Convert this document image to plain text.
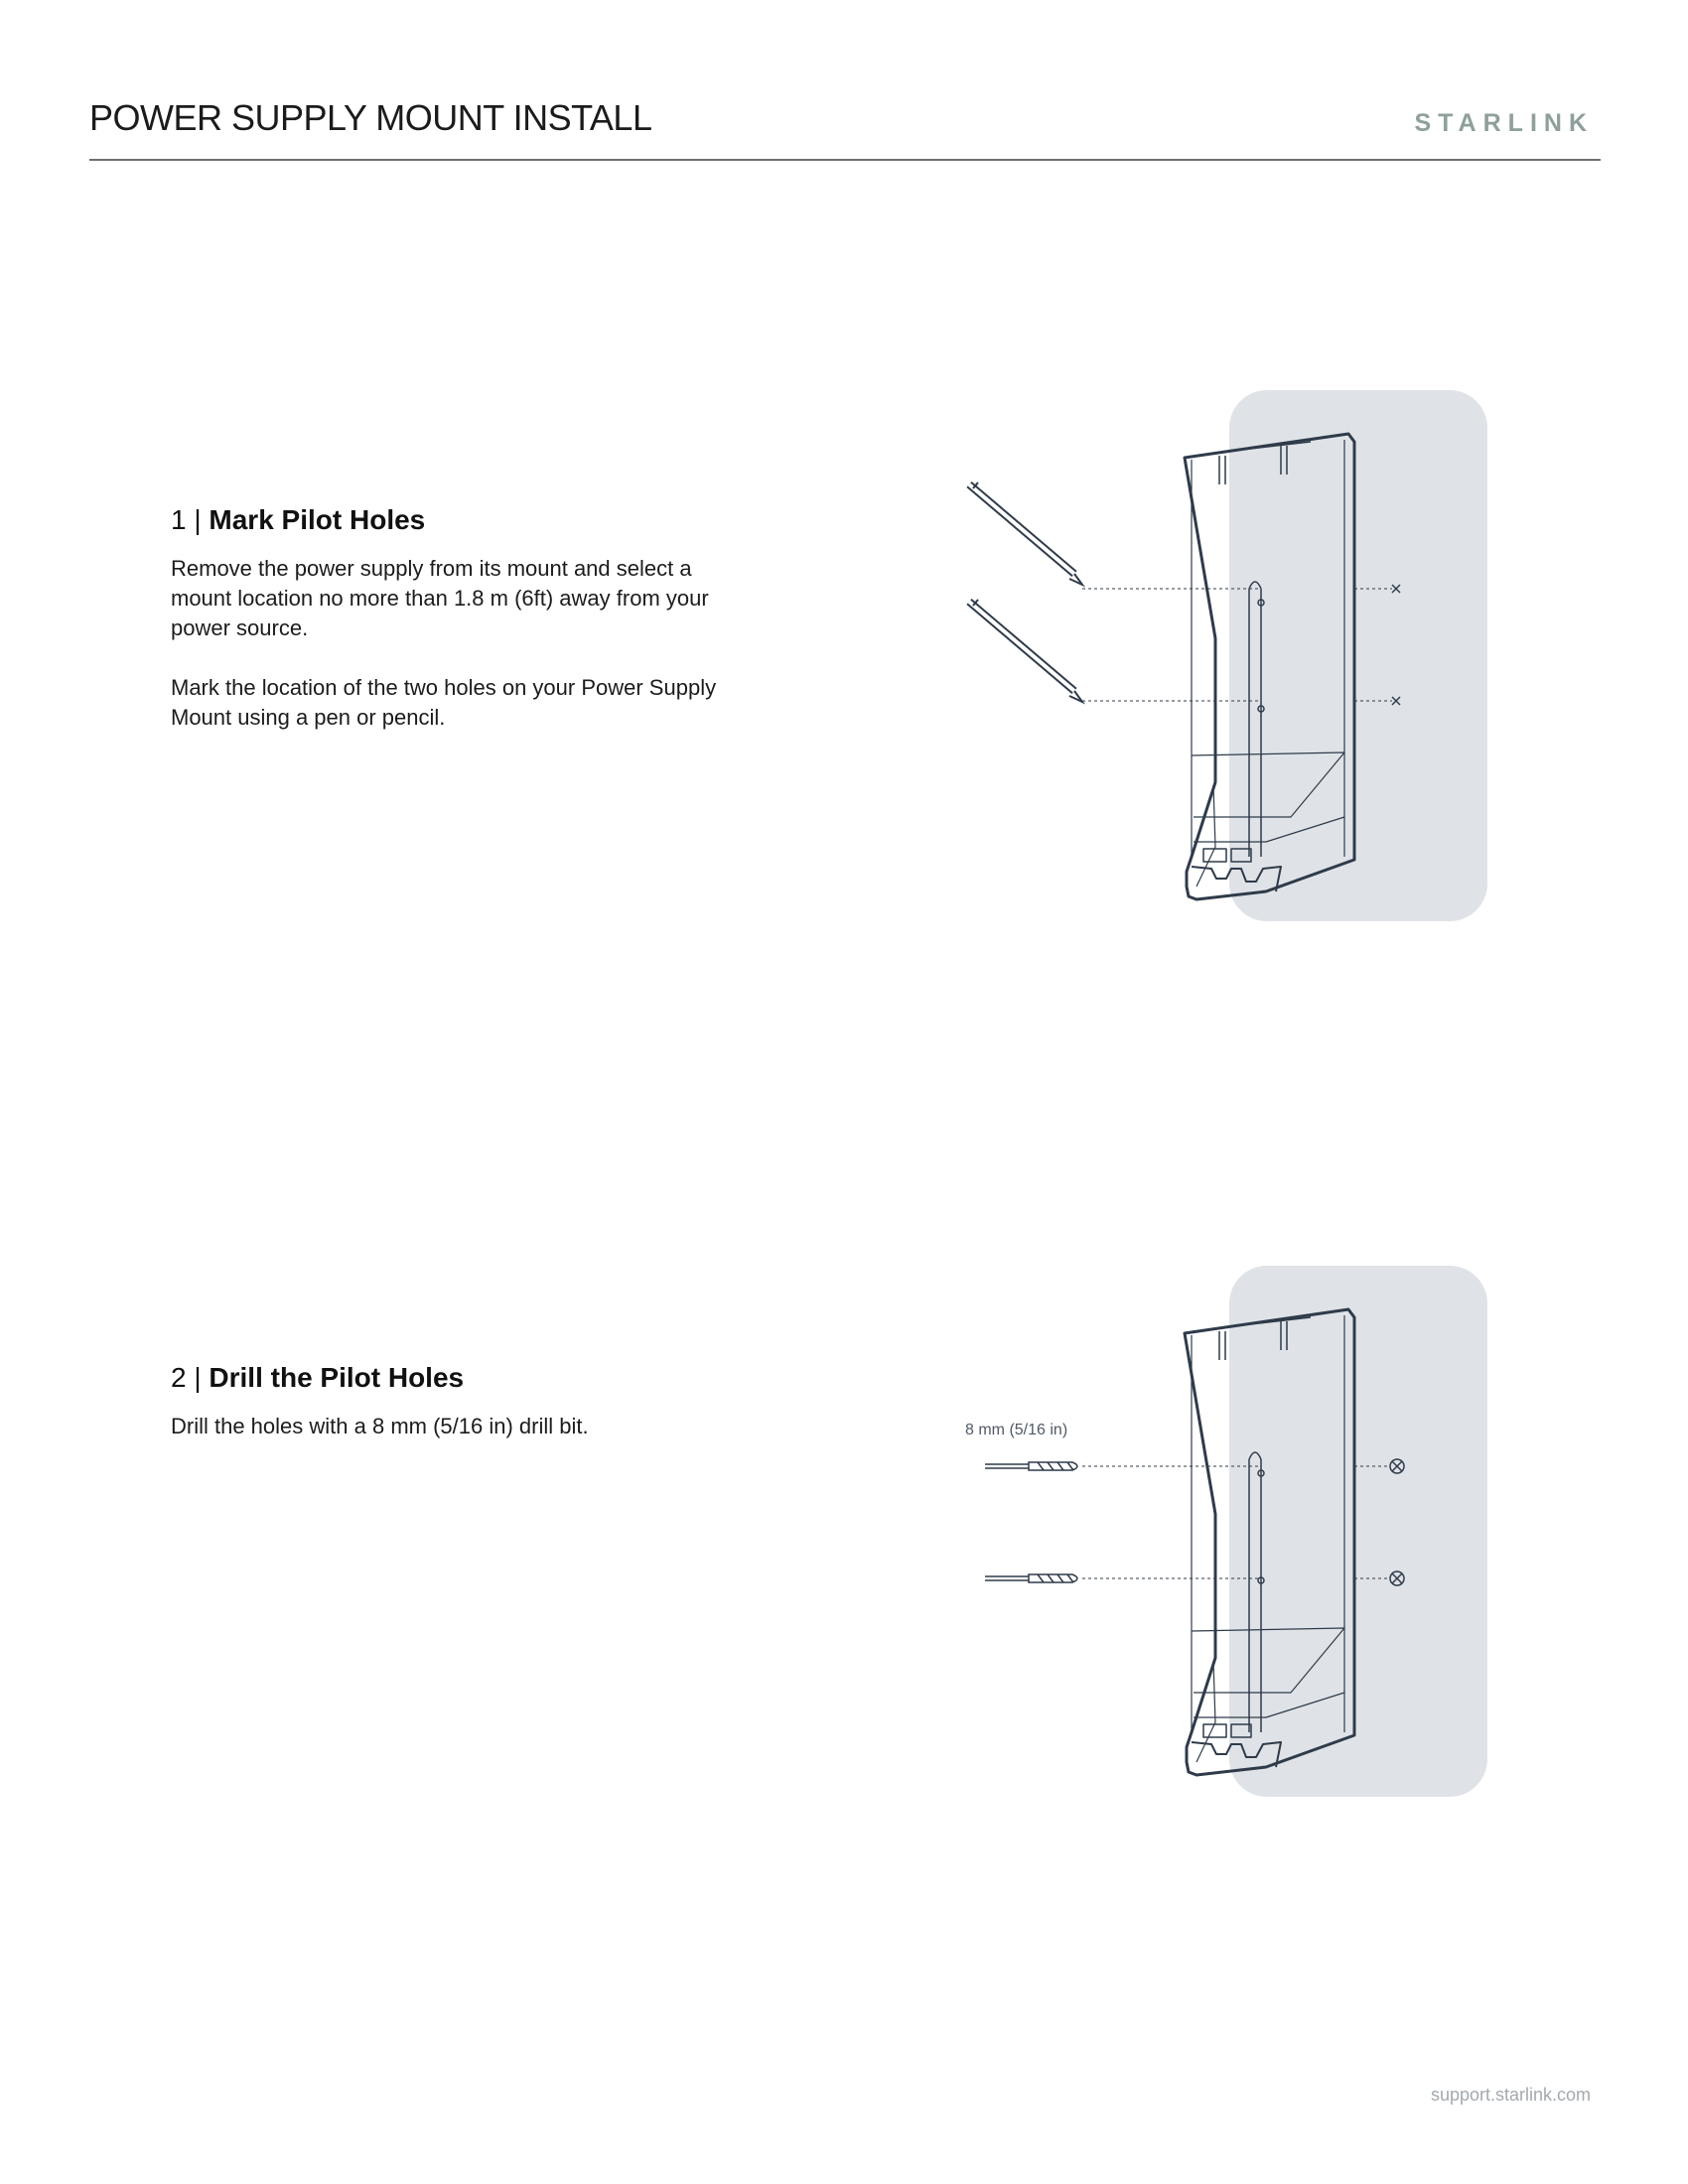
POWER SUPPLY MOUNT INSTALL	STARLINK
1 | Mark Pilot Holes

Remove the power supply from its mount and select a mount location no more than 1.8 m (6ft) away from your power source.

Mark the location of the two holes on your Power Supply Mount using a pen or pencil.

2 | Drill the Pilot Holes

Drill the holes with a 8 mm (5/16 in) drill bit.	8 mm (5/16 in)
support.starlink.com
